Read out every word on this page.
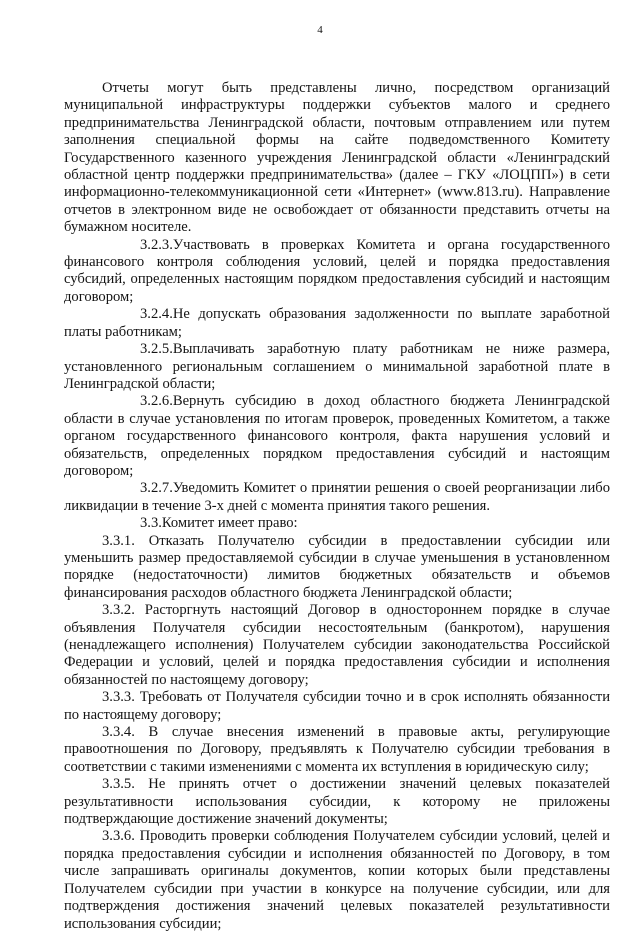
4

Отчеты могут быть представлены лично, посредством организаций муниципальной инфраструктуры поддержки субъектов малого и среднего предпринимательства Ленинградской области, почтовым отправлением или путем заполнения специальной формы на сайте подведомственного Комитету Государственного казенного учреждения Ленинградской области «Ленинградский областной центр поддержки предпринимательства» (далее – ГКУ «ЛОЦПП») в сети информационно-телекоммуникационной сети «Интернет» (www.813.ru). Направление отчетов в электронном виде не освобождает от обязанности представить отчеты на бумажном носителе.

3.2.3.Участвовать в проверках Комитета и органа государственного финансового контроля соблюдения условий, целей и порядка предоставления субсидий, определенных настоящим порядком предоставления субсидий и настоящим договором;

3.2.4.Не допускать образования задолженности по выплате заработной платы работникам;

3.2.5.Выплачивать заработную плату работникам не ниже размера, установленного региональным соглашением о минимальной заработной плате в Ленинградской области;

3.2.6.Вернуть субсидию в доход областного бюджета Ленинградской области в случае установления по итогам проверок, проведенных Комитетом, а также органом государственного финансового контроля, факта нарушения условий и обязательств, определенных порядком предоставления субсидий и настоящим договором;

3.2.7.Уведомить Комитет о принятии решения о своей реорганизации либо ликвидации в течение 3-х дней с момента принятия такого решения.

3.3.Комитет имеет право:

3.3.1. Отказать Получателю субсидии в предоставлении субсидии или уменьшить размер предоставляемой субсидии в случае уменьшения в установленном порядке (недостаточности) лимитов бюджетных обязательств и объемов финансирования расходов областного бюджета Ленинградской области;

3.3.2. Расторгнуть настоящий Договор в одностороннем порядке в случае объявления Получателя субсидии несостоятельным (банкротом), нарушения (ненадлежащего исполнения) Получателем субсидии законодательства Российской Федерации и условий, целей и порядка предоставления субсидии и исполнения обязанностей по настоящему договору;

3.3.3. Требовать от Получателя субсидии точно и в срок исполнять обязанности по настоящему договору;

3.3.4. В случае внесения изменений в правовые акты, регулирующие правоотношения по Договору, предъявлять к Получателю субсидии требования в соответствии с такими изменениями с момента их вступления в юридическую силу;

3.3.5. Не принять отчет о достижении значений целевых показателей результативности использования субсидии, к которому не приложены подтверждающие достижение значений документы;

3.3.6. Проводить проверки соблюдения Получателем субсидии условий, целей и порядка предоставления субсидии и исполнения обязанностей по Договору, в том числе запрашивать оригиналы документов, копии которых были представлены Получателем субсидии при участии в конкурсе на получение субсидии, или для подтверждения достижения значений целевых показателей результативности использования субсидии;
